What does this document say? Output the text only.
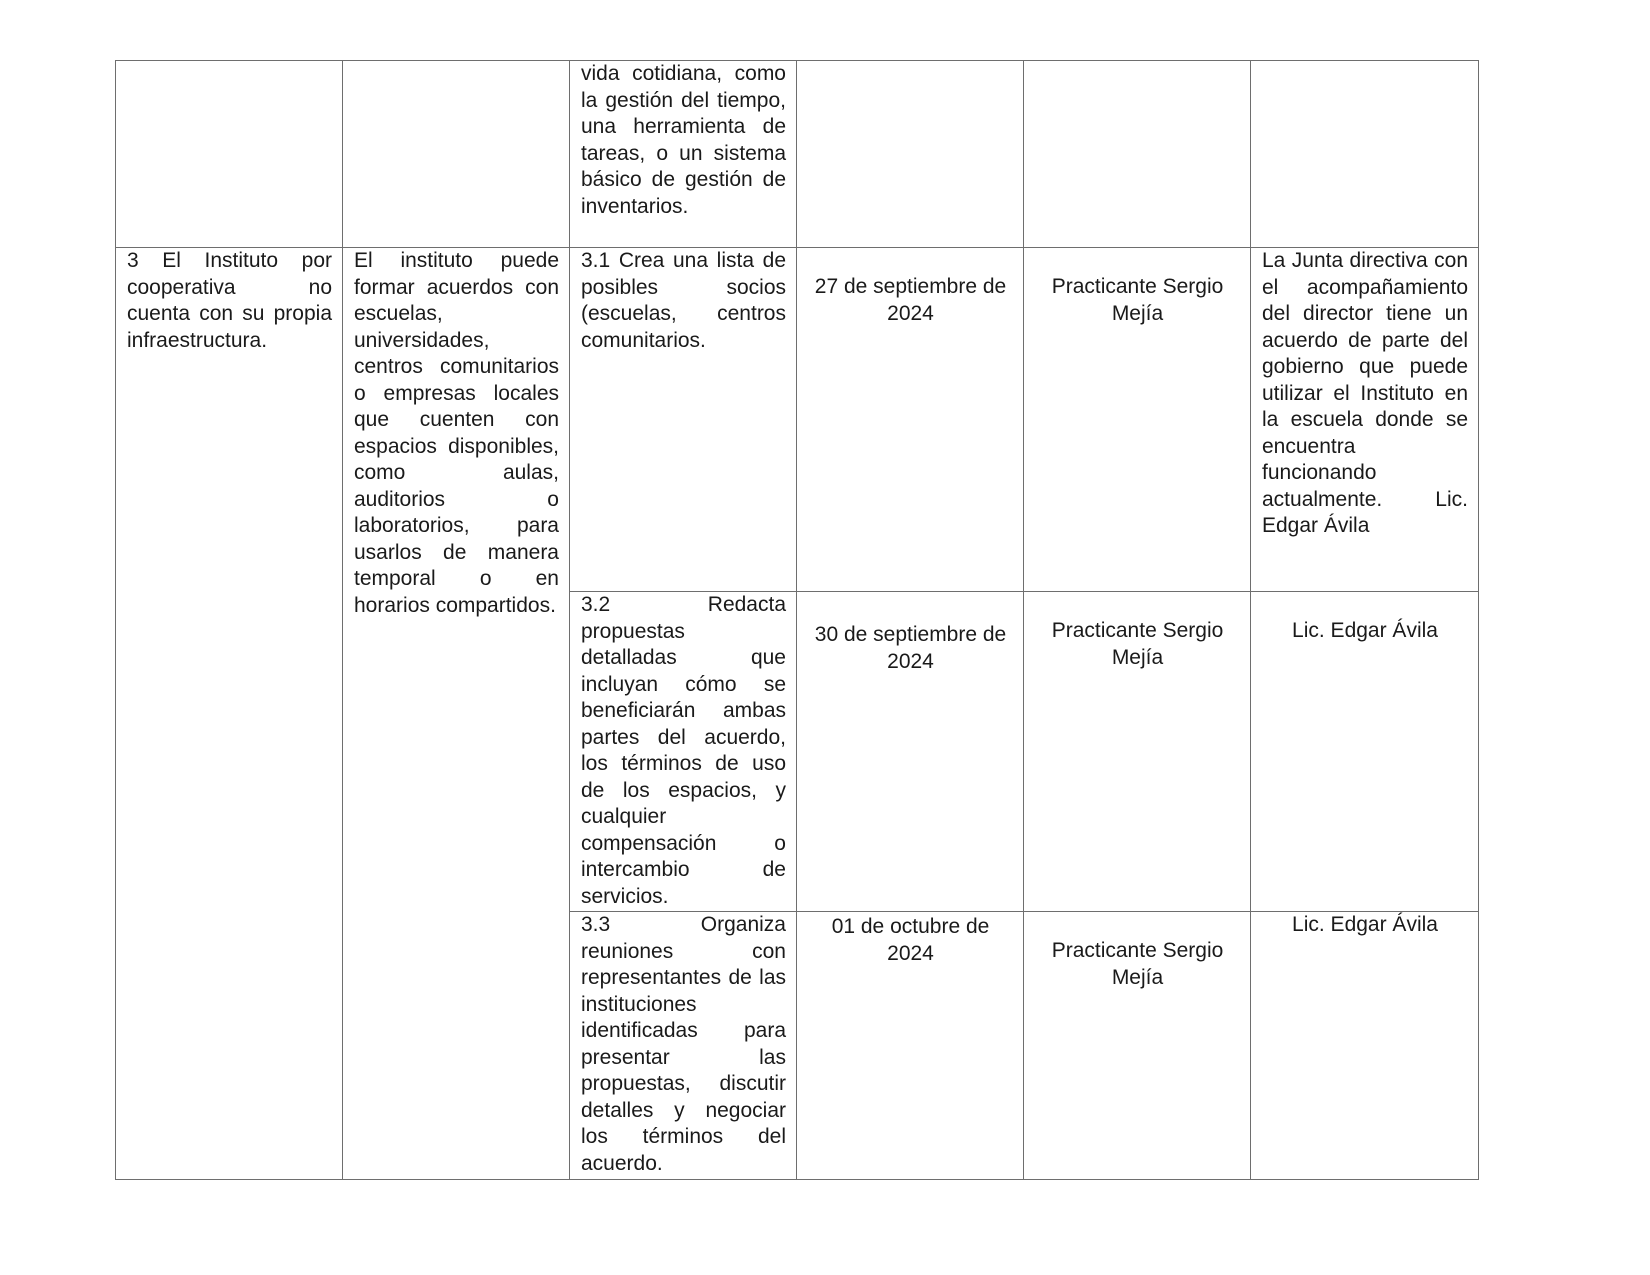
		vida cotidiana, como la gestión del tiempo, una herramienta de tareas, o un sistema básico de gestión de inventarios.			
3 El Instituto por cooperativa no cuenta con su propia infraestructura.	El instituto puede formar acuerdos con escuelas, universidades, centros comunitarios o empresas locales que cuenten con espacios disponibles, como aulas, auditorios o laboratorios, para usarlos de manera temporal o en horarios compartidos.	3.1 Crea una lista de posibles socios (escuelas, centros comunitarios.	27 de septiembre de 2024	Practicante Sergio Mejía	La Junta directiva con el acompañamiento del director tiene un acuerdo de parte del gobierno que puede utilizar el Instituto en la escuela donde se encuentra funcionando actualmente. Lic. Edgar Ávila
		3.2 Redacta propuestas detalladas que incluyan cómo se beneficiarán ambas partes del acuerdo, los términos de uso de los espacios, y cualquier compensación o intercambio de servicios.	30 de septiembre de 2024	Practicante Sergio Mejía	Lic. Edgar Ávila
		3.3 Organiza reuniones con representantes de las instituciones identificadas para presentar las propuestas, discutir detalles y negociar los términos del acuerdo.	01 de octubre de 2024	Practicante Sergio Mejía	Lic. Edgar Ávila
